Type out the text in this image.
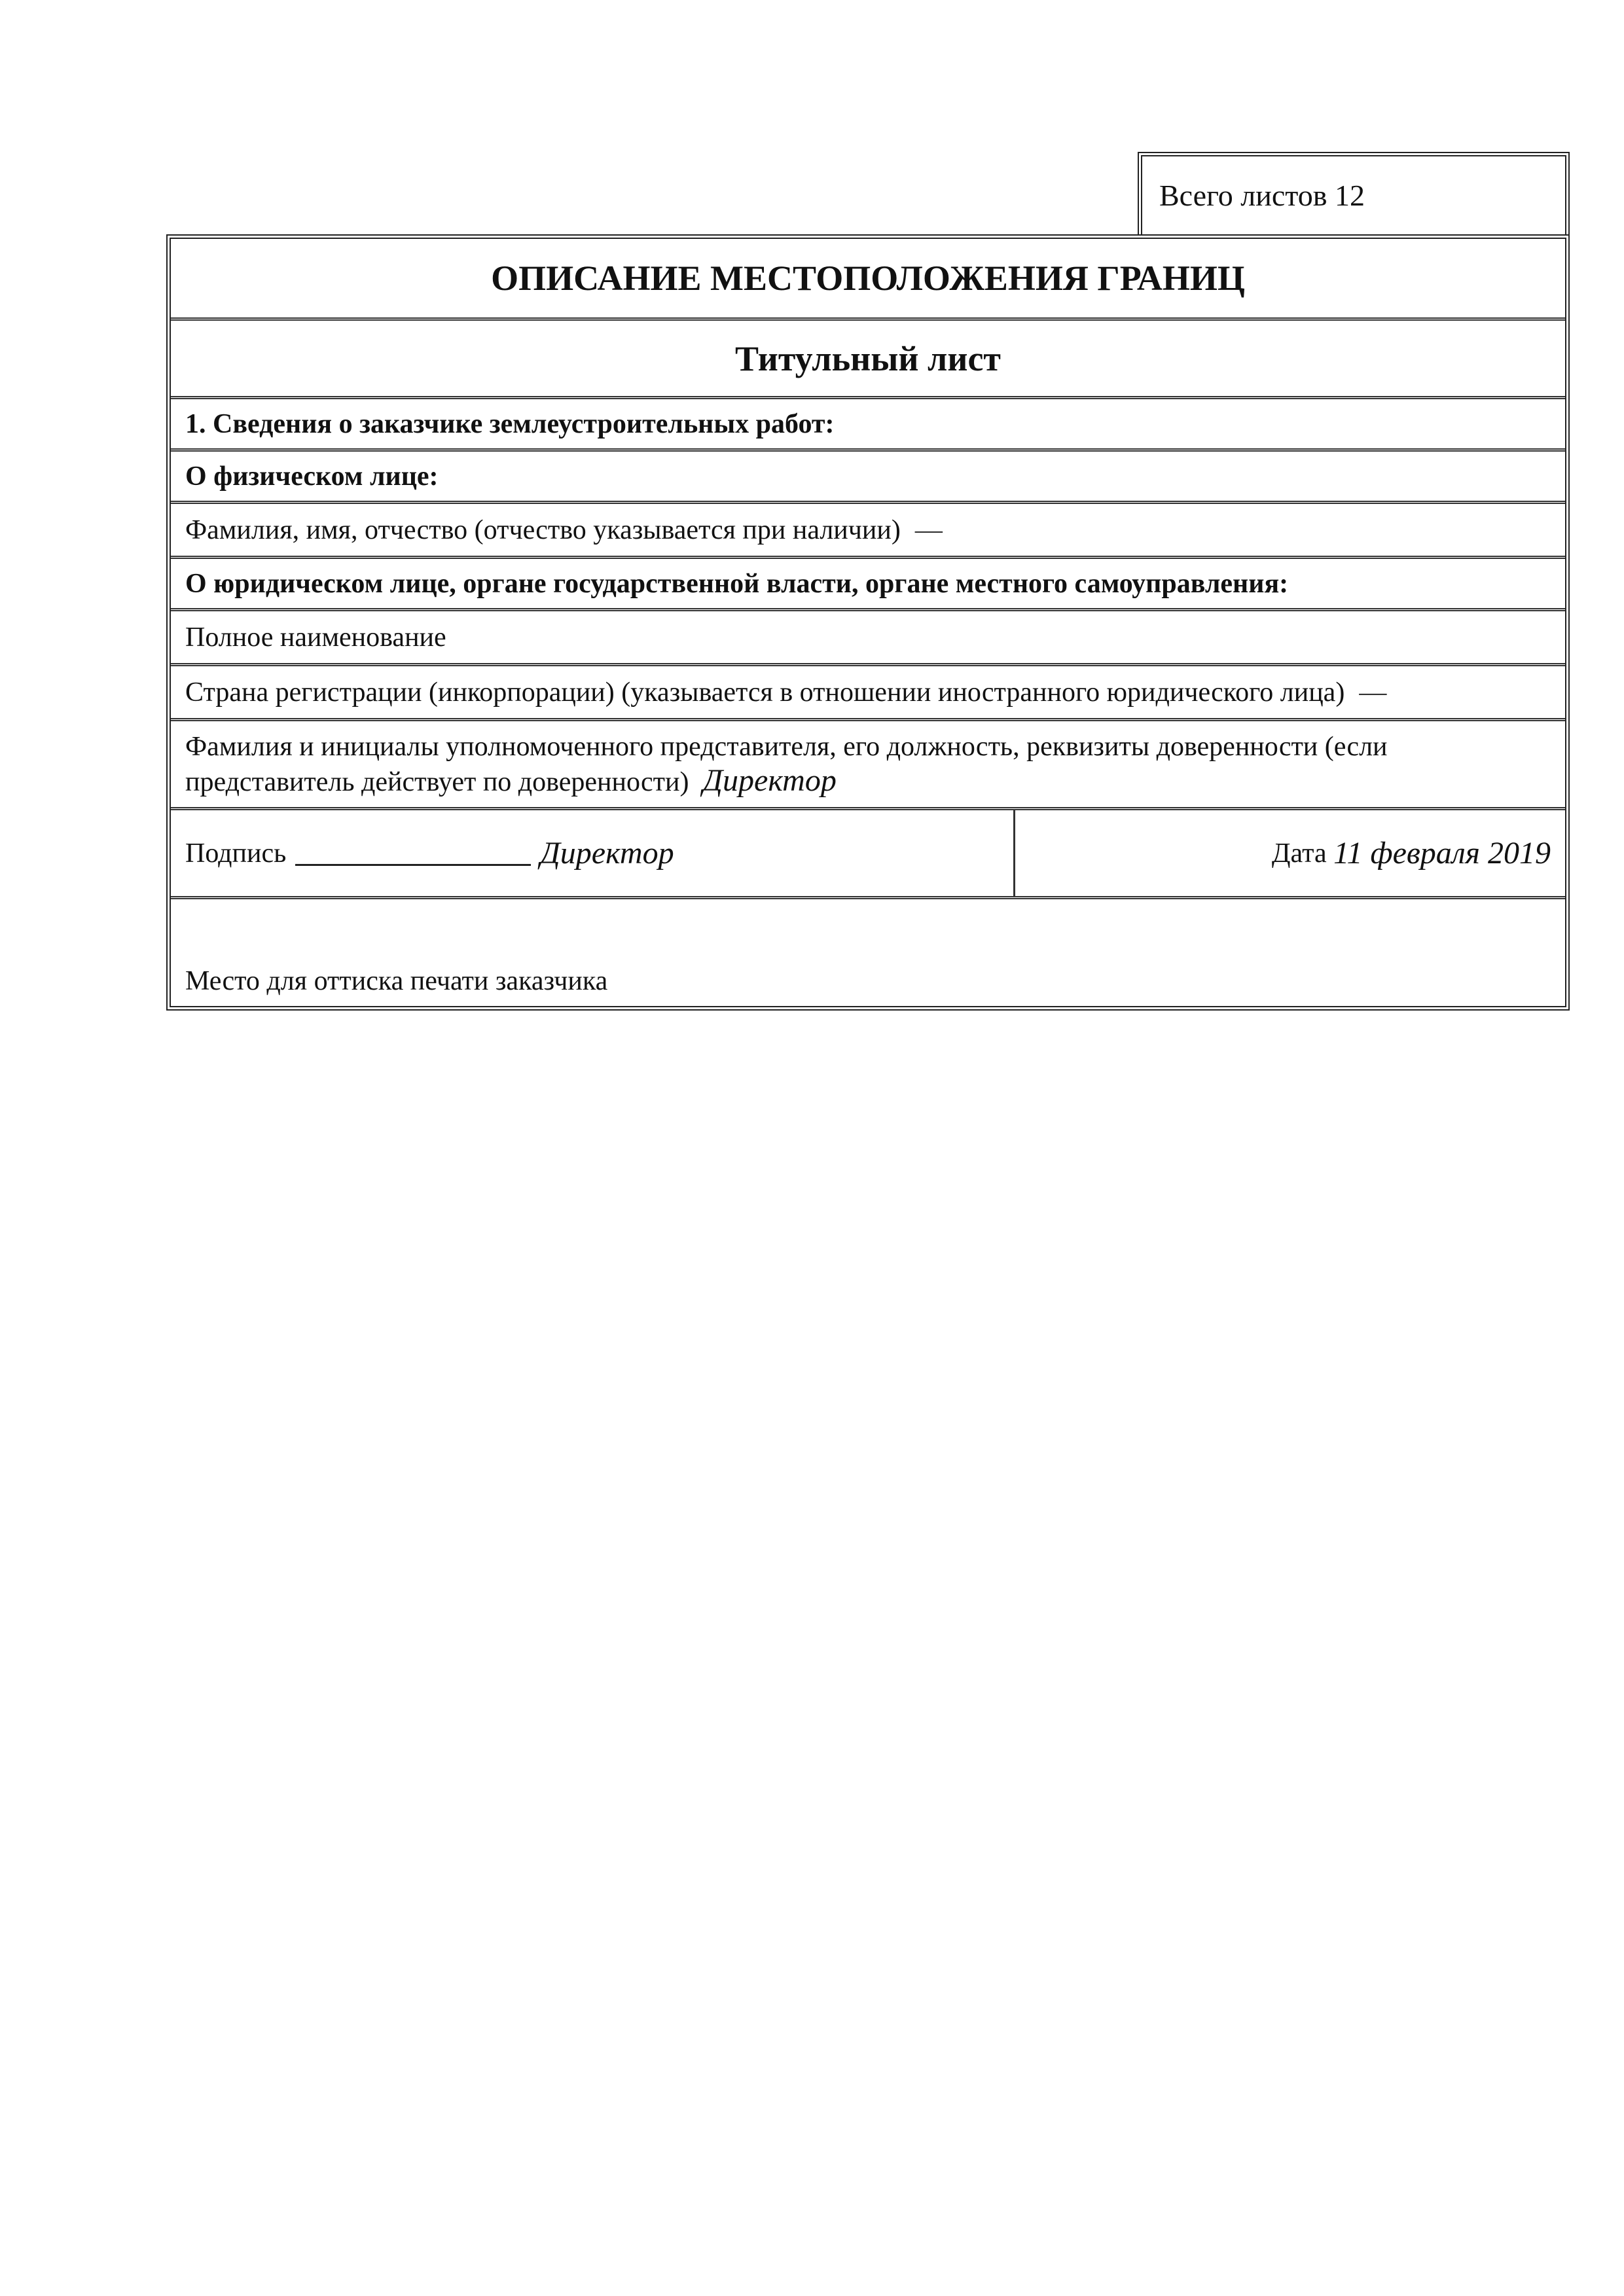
Всего листов
12
ОПИСАНИЕ МЕСТОПОЛОЖЕНИЯ ГРАНИЦ
Титульный лист
1. Сведения о заказчике землеустроительных работ:
О физическом лице:
Фамилия, имя, отчество (отчество указывается при наличии) —
О юридическом лице, органе государственной власти, органе местного самоуправления:
Полное наименование
Страна регистрации (инкорпорации) (указывается в отношении иностранного юридического лица) —
Фамилия и инициалы уполномоченного представителя, его должность, реквизиты доверенности (если представитель действует по доверенности) Директор
Подпись	Директор	Дата
11 февраля 2019
Место для оттиска печати заказчика
